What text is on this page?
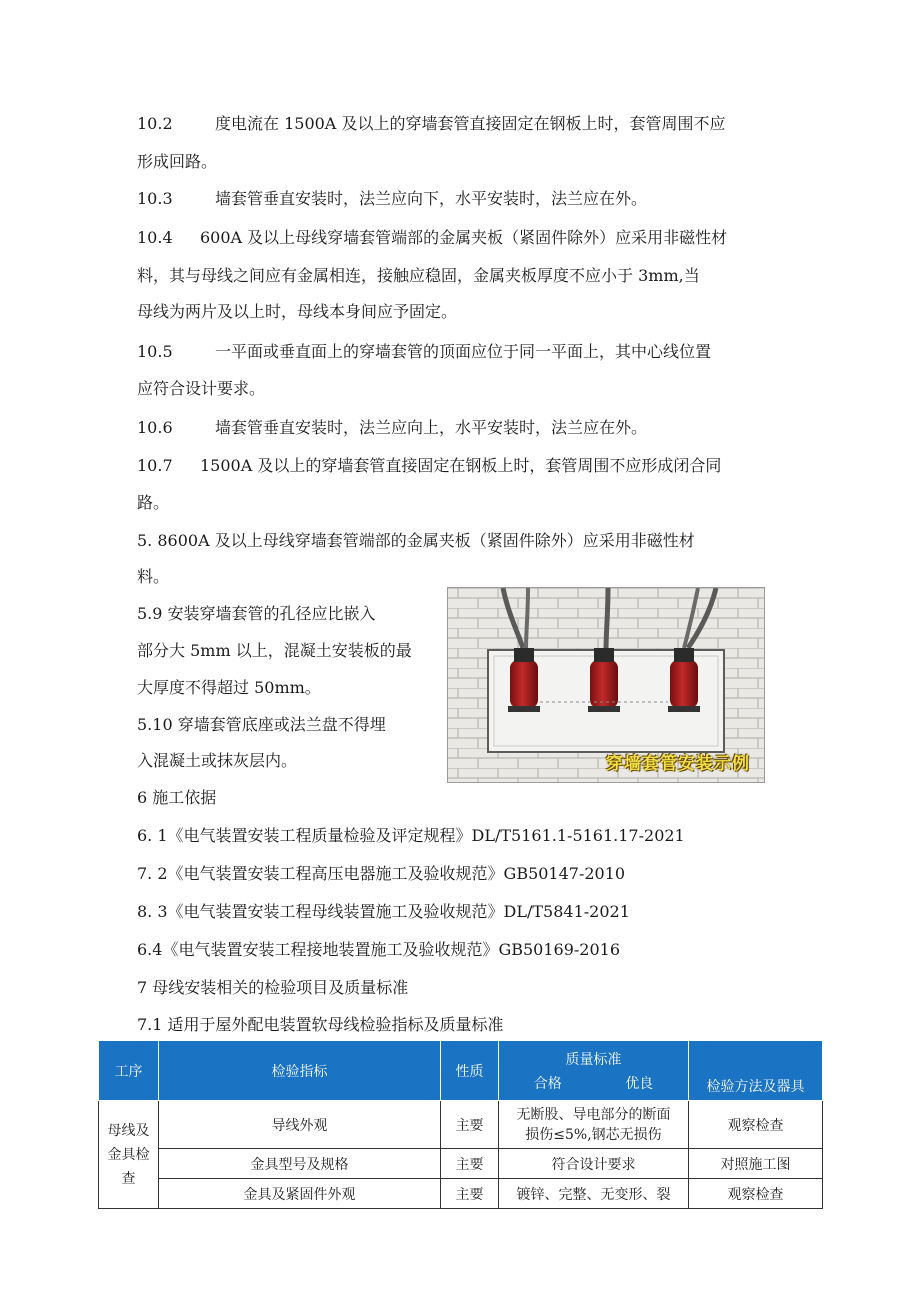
10.2	度电流在 1500A 及以上的穿墙套管直接固定在钢板上时，套管周围不应
形成回路。
10.3	墙套管垂直安装时，法兰应向下，水平安装时，法兰应在外。
10.4 600A 及以上母线穿墙套管端部的金属夹板（紧固件除外）应采用非磁性材
料，其与母线之间应有金属相连，接触应稳固，金属夹板厚度不应小于 3mm,当
母线为两片及以上时，母线本身间应予固定。
10.5	一平面或垂直面上的穿墙套管的顶面应位于同一平面上，其中心线位置
应符合设计要求。
10.6	墙套管垂直安装时，法兰应向上，水平安装时，法兰应在外。
10.7 1500A 及以上的穿墙套管直接固定在钢板上时，套管周围不应形成闭合同
路。
5. 8600A 及以上母线穿墙套管端部的金属夹板（紧固件除外）应采用非磁性材
料。
5.9 安装穿墙套管的孔径应比嵌入
部分大 5mm 以上，混凝土安装板的最
大厚度不得超过 50mm。
5.10 穿墙套管底座或法兰盘不得埋
入混凝土或抹灰层内。	穿墙套管安装示例
6 施工依据
6. 1《电气装置安装工程质量检验及评定规程》DL/T5161.1-5161.17-2021
7. 2《电气装置安装工程高压电器施工及验收规范》GB50147-2010
8. 3《电气装置安装工程母线装置施工及验收规范》DL/T5841-2021
6.4《电气装置安装工程接地装置施工及验收规范》GB50169-2016
7 母线安装相关的检验项目及质量标准
7.1 适用于屋外配电装置软母线检验指标及质量标准
工序	检验指标	性质	质量标准
合格 优良	检验方法及器具
母线及金具检查	导线外观	主要	无断股、导电部分的断面损伤≤5%,钢芯无损伤	观察检查
	金具型号及规格	主要	符合设计要求	对照施工图
	金具及紧固件外观	主要	镀锌、完整、无变形、裂	观察检查
